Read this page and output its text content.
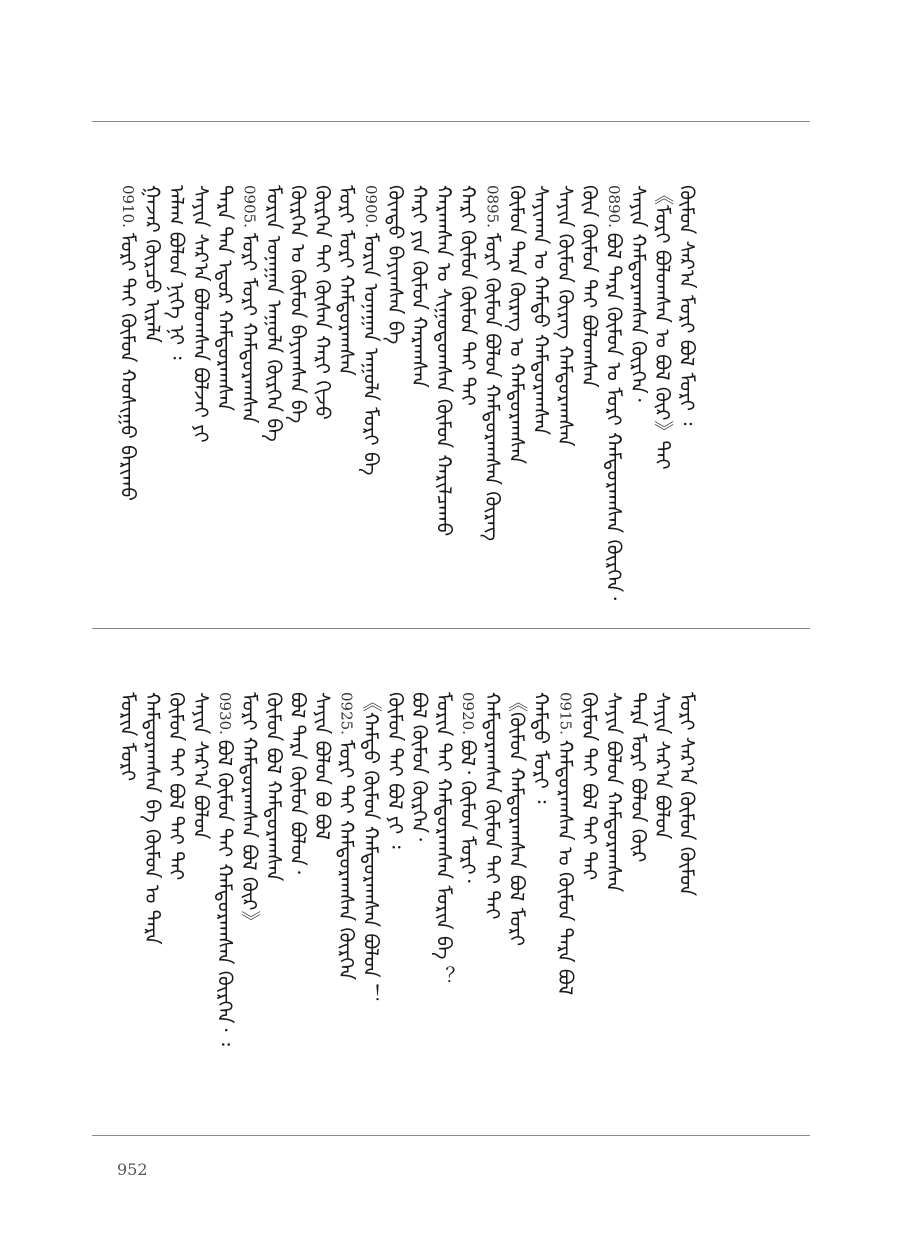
0910.ᠮᠣᠷᠢ ᠲᠡᠢ ᠬᠦᠮᠦᠨ ᠬᠤᠰᠢᠭᠤ ᠪᠠᠷᠢᠬᠤ ᠭᠠᠵᠠᠷ ᠬᠦᠷᠴᠦ ᠢᠷᠡᠯᠡ ᠠᠯᠠᠭ ᠪᠣᠯᠤᠨ ᠨᠢᠭᠡ ᠨᠢ ᠄ ᠰᠠᠶᠢᠨ ᠰᠠᠷ᠎ᠠ ᠪᠣᠯᠤᠭᠰᠠᠨ ᠪᠣᠯᠵᠠᠢ ᠶᠢ ᠲᠡᠷᠡ ᠲᠡᠨ ᠡᠳᠦᠷ ᠬᠠᠮᠲᠤᠷᠠᠭᠰᠠᠨ 0905.ᠮᠣᠷᠢ ᠮᠣᠷᠢ ᠬᠠᠮᠲᠤᠷᠠᠭᠰᠠᠨ ᠮᠣᠷᠢᠨ ᠤᠨᠠᠭᠠᠨ ᠠᠭᠤᠯᠠ ᠬᠦᠷᠭᠡᠨ ᠪᠡ ᠬᠦᠷᠭᠡᠨ ᠤ ᠬᠦᠮᠦᠨ ᠪᠠᠶᠢᠭᠰᠠᠨ ᠪᠡ ᠬᠦᠷᠭᠡᠨ ᠲᠡᠢ ᠬᠦᠰᠡᠨ ᠬᠠᠷᠢ ᠬᠢᠵᠦ ᠮᠣᠷᠢ ᠮᠣᠷᠢ ᠬᠠᠮᠲᠤᠷᠠᠭᠰᠠᠨ 0900.ᠮᠣᠷᠢᠨ ᠤᠨᠠᠭᠠᠨ ᠠᠭᠤᠯᠠ ᠮᠣᠷᠢ ᠪᠡ ᠬᠦᠨᠳᠦ ᠪᠠᠶᠢᠭᠰᠠᠨ ᠪᠡ ᠬᠠᠷᠢ ᠶᠢᠨ ᠬᠦᠮᠦᠨ ᠬᠠᠷᠠᠭᠰᠠᠨ ᠬᠠᠷᠠᠭᠰᠠᠨ ᠤ ᠰᠢᠭᠤᠳᠤᠭᠰᠠᠨ ᠬᠦᠮᠦᠨ ᠬᠠᠷᠢᠯᠴᠠᠬᠤ ᠬᠠᠷᠢ ᠬᠦᠮᠦᠨ ᠬᠦᠮᠦᠨ ᠲᠡᠢ ᠲᠡᠢ 0895.ᠮᠣᠷᠢ ᠬᠦᠮᠦᠨ ᠪᠣᠯᠤᠨ ᠬᠠᠮᠲᠤᠷᠠᠭᠰᠠᠨ ᠬᠦᠷᠡᠭ ᠬᠦᠮᠦᠨ ᠲᠡᠷᠡ ᠬᠦᠷᠡᠭ ᠤ ᠬᠠᠮᠲᠤᠷᠠᠭᠰᠠᠨ ᠰᠠᠶᠢᠬᠠᠨ ᠤ ᠬᠠᠮᠲᠤ ᠬᠠᠮᠲᠤᠷᠠᠭᠰᠠᠨ ᠰᠠᠶᠢᠨ ᠬᠦᠮᠦᠨ ᠬᠦᠷᠡᠭ ᠬᠠᠮᠲᠤᠷᠠᠭᠰᠠᠨ ᠬᠦᠨ ᠬᠦᠮᠦᠨ ᠲᠡᠢ ᠪᠣᠯᠤᠭᠰᠠᠨ 0890.ᠪᠣᠯ ᠲᠡᠷᠡ ᠬᠦᠮᠦᠨ ᠤ ᠮᠣᠷᠢ ᠬᠠᠮᠲᠤᠷᠠᠭᠰᠠᠨ ᠬᠦᠷᠭᠡᠨ᠂ ᠰᠠᠶᠢᠨ ᠬᠠᠮᠲᠤᠷᠠᠭᠰᠠᠨ ᠬᠦᠷᠭᠡᠨ᠂ 《ᠮᠣᠷᠢ ᠪᠣᠯᠤᠭᠰᠠᠨ ᠤ ᠪᠣᠯ ᠬᠦᠷ》ᠲᠡᠢ ᠬᠦᠮᠦᠨ ᠰᠠᠷ᠎ᠠ ᠮᠣᠷᠢ ᠪᠣᠯ ᠮᠣᠷᠢ ᠄
ᠮᠣᠷᠢᠨ ᠮᠣᠷᠢ ᠬᠠᠮᠲᠤᠷᠠᠭᠰᠠᠨ ᠪᠡ ᠬᠦᠮᠦᠨ ᠤ ᠲᠡᠷᠡ ᠬᠦᠮᠦᠨ ᠲᠡᠢ ᠪᠣᠯ ᠲᠡᠢ ᠲᠡᠢ ᠰᠠᠶᠢᠨ ᠰᠠᠷ᠎ᠠ ᠪᠣᠯᠤᠨ 0930.ᠪᠣᠯ ᠬᠦᠮᠦᠨ ᠲᠡᠢ ᠬᠠᠮᠲᠤᠷᠠᠭᠰᠠᠨ ᠬᠦᠷᠭᠡᠨ᠂ ᠄ ᠮᠣᠷᠢ ᠬᠠᠮᠲᠤᠷᠠᠭᠰᠠᠨ ᠪᠣᠯ ᠬᠦᠷ》 ᠬᠦᠮᠦᠨ ᠪᠣᠯ ᠬᠠᠮᠲᠤᠷᠠᠭᠰᠠᠨ ᠪᠣᠯ ᠲᠡᠷᠡ ᠬᠦᠮᠦᠨ ᠪᠣᠯᠤᠨ᠂ ᠰᠠᠶᠢᠨ ᠪᠣᠯᠤᠨ ᠪᠣ ᠪᠣᠯ 0925.ᠮᠣᠷᠢ ᠲᠡᠢ ᠬᠠᠮᠲᠤᠷᠠᠭᠰᠠᠨ ᠬᠦᠷᠭᠡᠨ 《ᠬᠠᠮᠲᠤ ᠬᠦᠮᠦᠨ ᠬᠠᠮᠲᠤᠷᠠᠭᠰᠠᠨ ᠪᠣᠯᠤᠨ ！ ᠬᠦᠮᠦᠨ ᠲᠡᠢ ᠪᠣᠯ ᠶᠢ ᠄ ᠪᠣᠯ ᠬᠦᠮᠦᠨ ᠬᠦᠷᠭᠡᠨ᠂ ᠮᠣᠷᠢᠨ ᠲᠡᠢ ᠬᠠᠮᠲᠤᠷᠠᠭᠰᠠᠨ ᠮᠣᠷᠢᠨ ᠪᠡ ？ 0920.ᠪᠣᠯ᠂ ᠬᠦᠮᠦᠨ ᠮᠣᠷᠢ᠂ ᠬᠠᠮᠲᠤᠷᠠᠭᠰᠠᠨ ᠬᠦᠮᠦᠨ ᠲᠡᠢ ᠲᠡᠢ 《ᠬᠦᠮᠦᠨ ᠬᠠᠮᠲᠤᠷᠠᠭᠰᠠᠨ ᠪᠣᠯ ᠮᠣᠷᠢ ᠬᠠᠮᠲᠤ ᠮᠣᠷᠢ ᠄ 0915.ᠬᠠᠮᠲᠤᠷᠠᠭᠰᠠᠨ ᠤ ᠬᠦᠮᠦᠨ ᠲᠡᠷᠡ ᠪᠣᠯ ᠬᠦᠮᠦᠨ ᠲᠡᠢ ᠪᠣᠯ ᠲᠡᠢ ᠲᠡᠢ ᠰᠠᠶᠢᠨ ᠪᠣᠯᠤᠨ ᠬᠠᠮᠲᠤᠷᠠᠭᠰᠠᠨ ᠲᠡᠷᠡ ᠮᠣᠷᠢ ᠪᠣᠯᠤᠨ ᠬᠦᠷ ᠰᠠᠶᠢᠨ ᠰᠠᠷ᠎ᠠ ᠪᠣᠯᠤᠨ ᠮᠣᠷᠢ ᠰᠠᠷ᠎ᠠ ᠬᠦᠮᠦᠨ ᠬᠦᠮᠦᠨ
952
